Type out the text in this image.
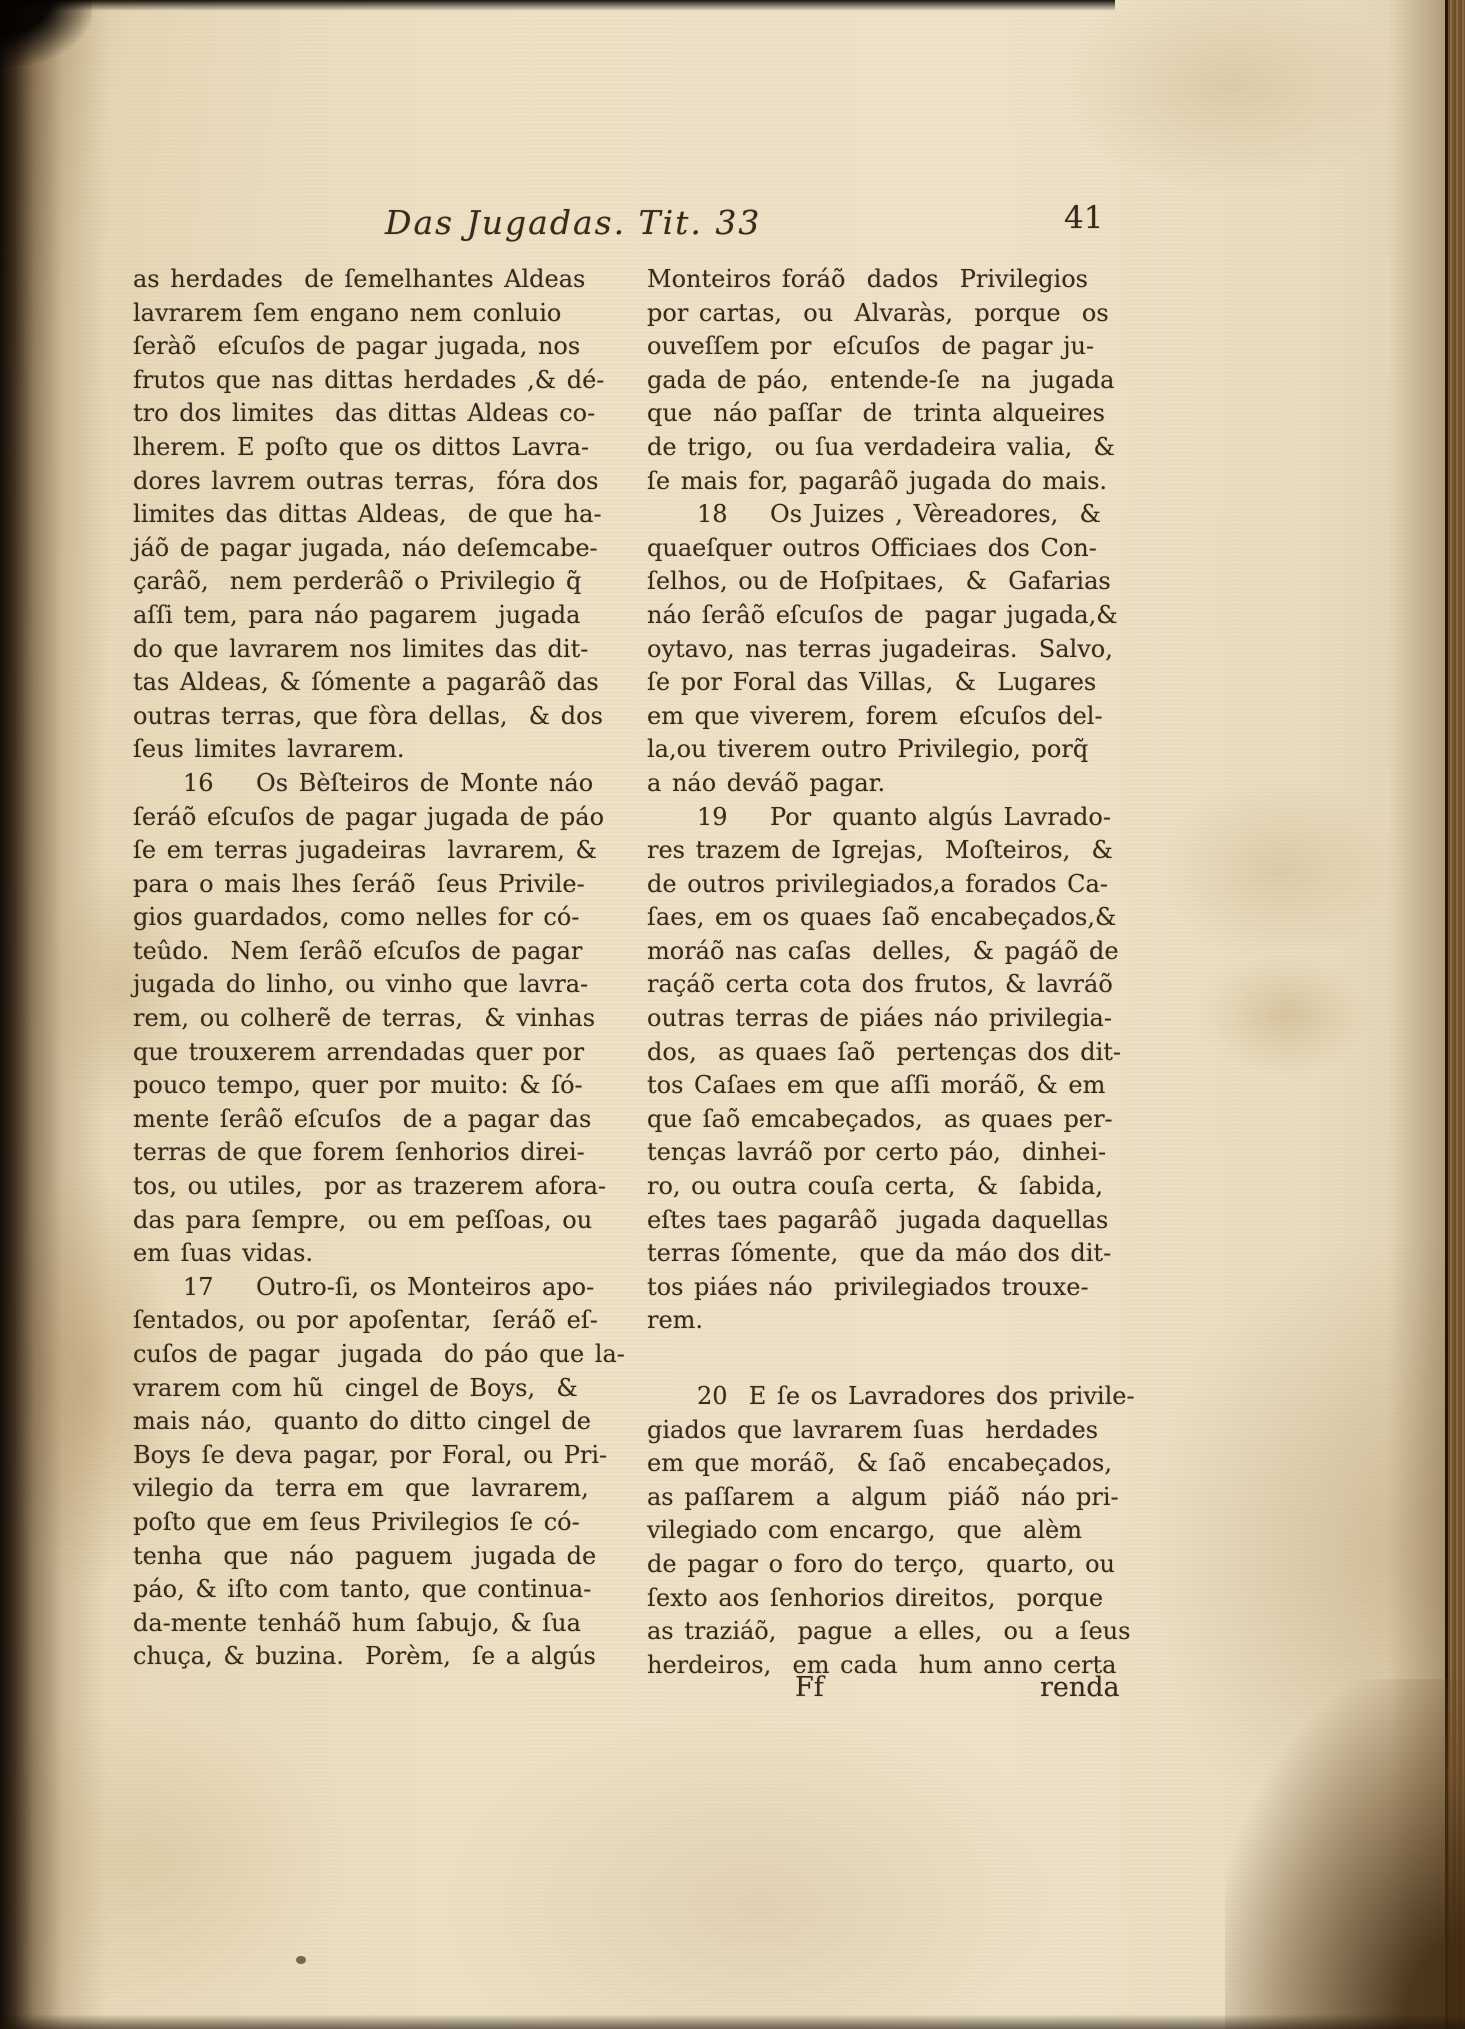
Das Jugadas. Tit. 33	41
as herdades  de ſemelhantes Aldeas
lavrarem ſem engano nem conluio
ſeràõ  eſcuſos de pagar jugada, nos
frutos que nas dittas herdades ,& dé-
tro dos limites  das dittas Aldeas co-
lherem. E poſto que os dittos Lavra-
dores lavrem outras terras,  fóra dos
limites das dittas Aldeas,  de que ha-
jáõ de pagar jugada, náo deſemcabe-
çarâõ,  nem perderâõ o Privilegio q̃
aſſi tem, para náo pagarem  jugada
do que lavrarem nos limites das dit-
tas Aldeas, & ſómente a pagarâõ das
outras terras, que fòra dellas,  & dos
ſeus limites lavrarem.
16    Os Bèſteiros de Monte náo
ſeráõ eſcuſos de pagar jugada de páo
ſe em terras jugadeiras  lavrarem, &
para o mais lhes ſeráõ  ſeus Privile-
gios guardados, como nelles for có-
teûdo.  Nem ſerâõ eſcuſos de pagar
jugada do linho, ou vinho que lavra-
rem, ou colherẽ de terras,  & vinhas
que trouxerem arrendadas quer por
pouco tempo, quer por muito: & ſó-
mente ſerâõ eſcuſos  de a pagar das
terras de que forem ſenhorios direi-
tos, ou utiles,  por as trazerem afora-
das para ſempre,  ou em peſſoas, ou
em ſuas vidas.
17    Outro-ſi, os Monteiros apo-
ſentados, ou por apoſentar,  ſeráõ eſ-
cuſos de pagar  jugada  do páo que la-
vrarem com hũ  cingel de Boys,  &
mais náo,  quanto do ditto cingel de
Boys ſe deva pagar, por Foral, ou Pri-
vilegio da  terra em  que  lavrarem,
poſto que em ſeus Privilegios ſe có-
tenha  que  náo  paguem  jugada de
páo, & iſto com tanto, que continua-
da-mente tenháõ hum ſabujo, & ſua
chuça, & buzina.  Porèm,  ſe a algús
Monteiros foráõ  dados  Privilegios
por cartas,  ou  Alvaràs,  porque  os
ouveſſem por  eſcuſos  de pagar ju-
gada de páo,  entende-ſe  na  jugada
que  náo paſſar  de  trinta alqueires
de trigo,  ou ſua verdadeira valia,  &
ſe mais for, pagarâõ jugada do mais.
18    Os Juizes , Vèreadores,  &
quaeſquer outros Officiaes dos Con-
ſelhos, ou de Hoſpitaes,  &  Gafarias
náo ſerâõ eſcuſos de  pagar jugada,&
oytavo, nas terras jugadeiras.  Salvo,
ſe por Foral das Villas,  &  Lugares
em que viverem, forem  eſcuſos del-
la,ou tiverem outro Privilegio, porq̃
a náo deváõ pagar.
19    Por  quanto algús Lavrado-
res trazem de Igrejas,  Moſteiros,  &
de outros privilegiados,a forados Ca-
ſaes, em os quaes ſaõ encabeçados,&
moráõ nas caſas  delles,  & pagáõ de
raçáõ certa cota dos frutos, & lavráõ
outras terras de piáes náo privilegia-
dos,  as quaes ſaõ  pertenças dos dit-
tos Caſaes em que aſſi moráõ, & em
que ſaõ emcabeçados,  as quaes per-
tenças lavráõ por certo páo,  dinhei-
ro, ou outra couſa certa,  &  ſabida,
eſtes taes pagarâõ  jugada daquellas
terras ſómente,  que da máo dos dit-
tos piáes náo  privilegiados trouxe-
rem.
20  E ſe os Lavradores dos privile-
giados que lavrarem ſuas  herdades
em que moráõ,  & ſaõ  encabeçados,
as paſſarem  a  algum  piáõ  náo pri-
vilegiado com encargo,  que  alèm
de pagar o foro do terço,  quarto, ou
ſexto aos ſenhorios direitos,  porque
as traziáõ,  pague  a elles,  ou  a ſeus
herdeiros,  em cada  hum anno certa
Ff	renda
